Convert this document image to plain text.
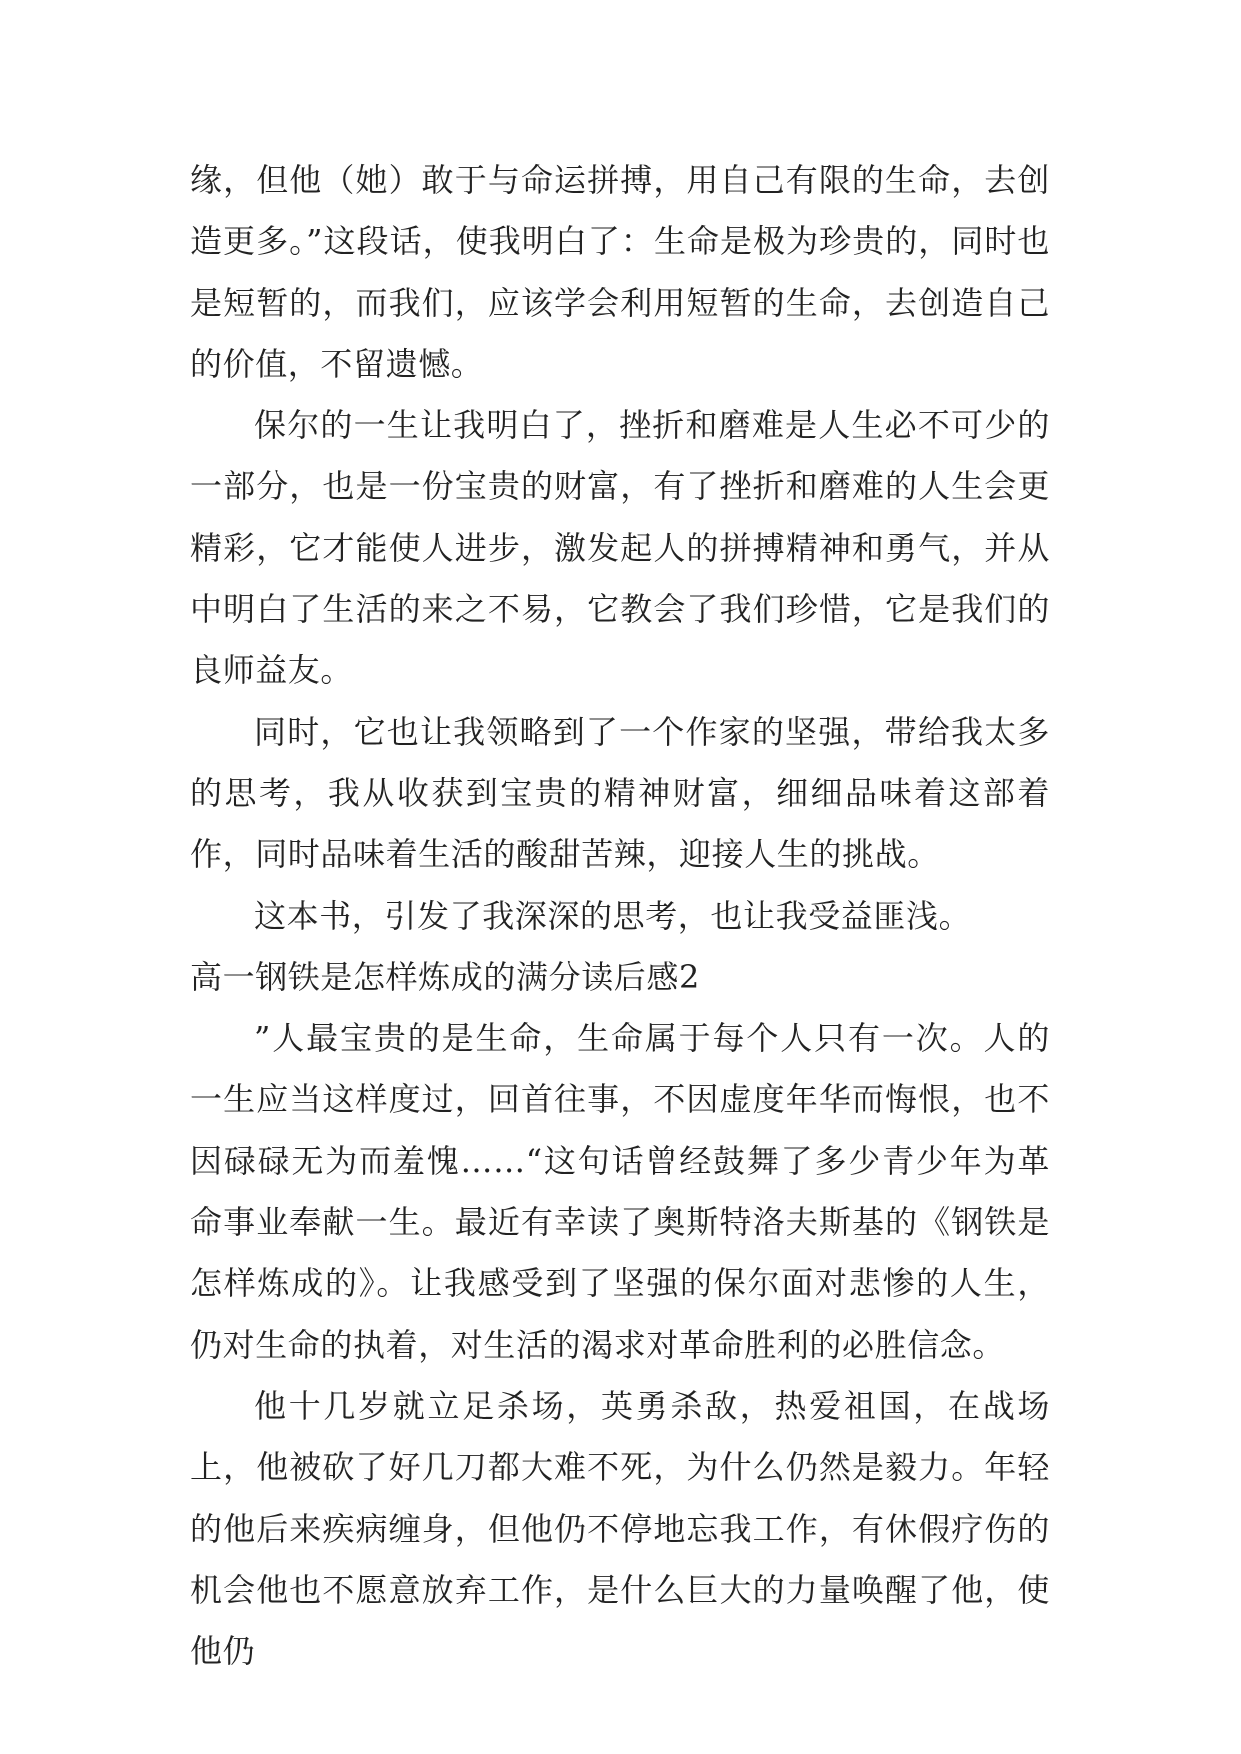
缘，但他（她）敢于与命运拼搏，用自己有限的生命，去创造更多。”这段话，使我明白了：生命是极为珍贵的，同时也是短暂的，而我们，应该学会利用短暂的生命，去创造自己的价值，不留遗憾。

保尔的一生让我明白了，挫折和磨难是人生必不可少的一部分，也是一份宝贵的财富，有了挫折和磨难的人生会更精彩，它才能使人进步，激发起人的拼搏精神和勇气，并从中明白了生活的来之不易，它教会了我们珍惜，它是我们的良师益友。

同时，它也让我领略到了一个作家的坚强，带给我太多的思考，我从收获到宝贵的精神财富，细细品味着这部着作，同时品味着生活的酸甜苦辣，迎接人生的挑战。

这本书，引发了我深深的思考，也让我受益匪浅。

高一钢铁是怎样炼成的满分读后感2

”人最宝贵的是生命，生命属于每个人只有一次。人的一生应当这样度过，回首往事，不因虚度年华而悔恨，也不因碌碌无为而羞愧……“这句话曾经鼓舞了多少青少年为革命事业奉献一生。最近有幸读了奥斯特洛夫斯基的《钢铁是怎样炼成的》。让我感受到了坚强的保尔面对悲惨的人生，仍对生命的执着，对生活的渴求对革命胜利的必胜信念。

他十几岁就立足杀场，英勇杀敌，热爱祖国，在战场上，他被砍了好几刀都大难不死，为什么仍然是毅力。年轻的他后来疾病缠身，但他仍不停地忘我工作，有休假疗伤的机会他也不愿意放弃工作，是什么巨大的力量唤醒了他，使他仍
